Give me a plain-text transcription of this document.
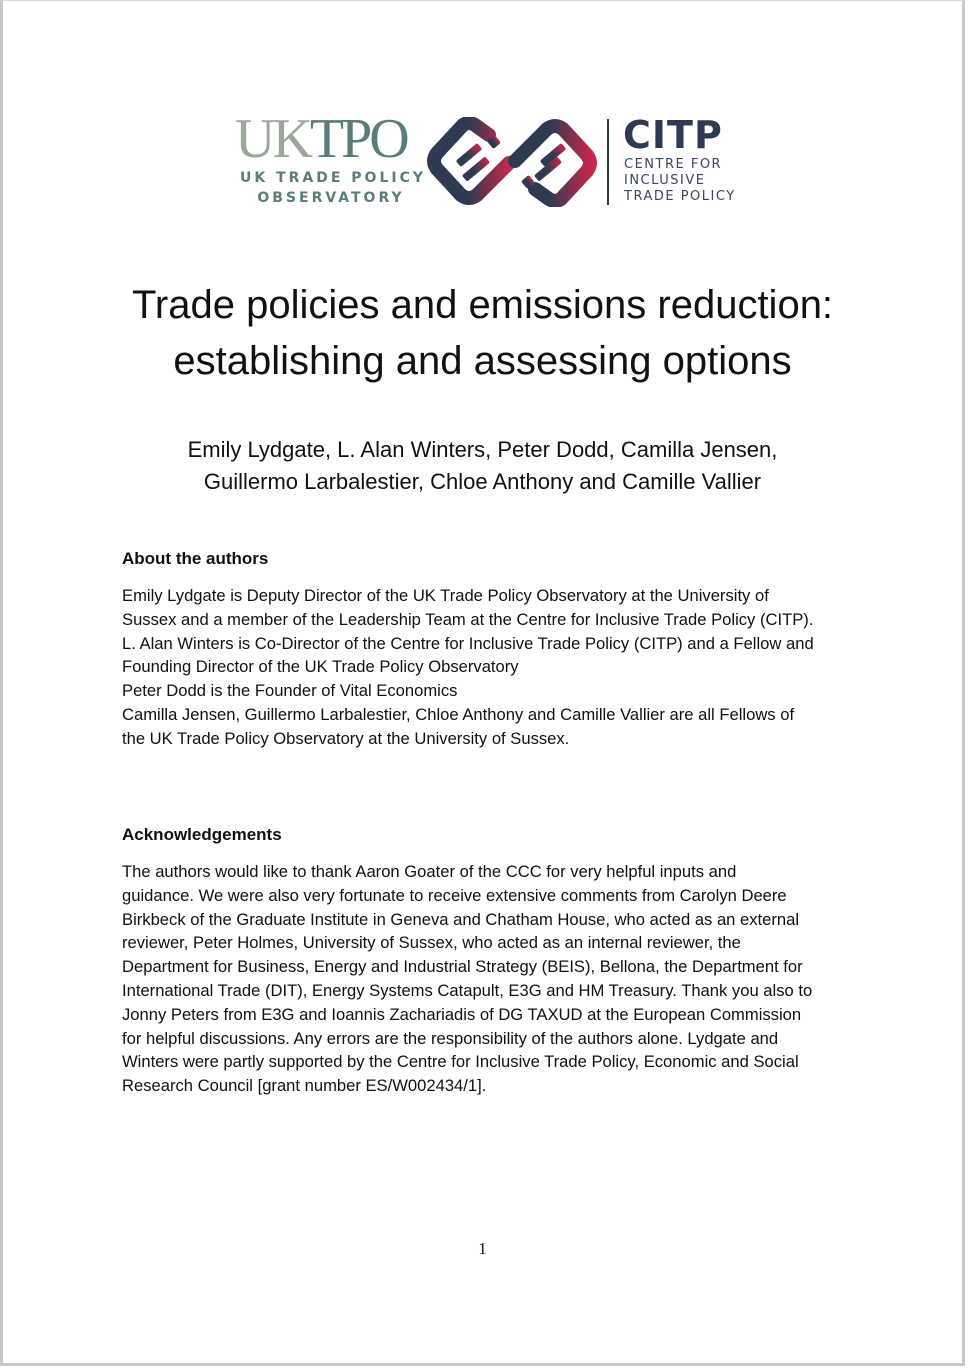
UKTPO
UK TRADE POLICY
OBSERVATORY
CITP
CENTRE FOR
INCLUSIVE
TRADE POLICY
Trade policies and emissions reduction:
establishing and assessing options
Emily Lydgate, L. Alan Winters, Peter Dodd, Camilla Jensen,
Guillermo Larbalestier, Chloe Anthony and Camille Vallier
About the authors
Emily Lydgate is Deputy Director of the UK Trade Policy Observatory at the University of
Sussex and a member of the Leadership Team at the Centre for Inclusive Trade Policy (CITP).
L. Alan Winters is Co-Director of the Centre for Inclusive Trade Policy (CITP) and a Fellow and
Founding Director of the UK Trade Policy Observatory
Peter Dodd is the Founder of Vital Economics
Camilla Jensen, Guillermo Larbalestier, Chloe Anthony and Camille Vallier are all Fellows of
the UK Trade Policy Observatory at the University of Sussex.
Acknowledgements
The authors would like to thank Aaron Goater of the CCC for very helpful inputs and
guidance. We were also very fortunate to receive extensive comments from Carolyn Deere
Birkbeck of the Graduate Institute in Geneva and Chatham House, who acted as an external
reviewer, Peter Holmes, University of Sussex, who acted as an internal reviewer, the
Department for Business, Energy and Industrial Strategy (BEIS), Bellona, the Department for
International Trade (DIT), Energy Systems Catapult, E3G and HM Treasury. Thank you also to
Jonny Peters from E3G and Ioannis Zachariadis of DG TAXUD at the European Commission
for helpful discussions. Any errors are the responsibility of the authors alone. Lydgate and
Winters were partly supported by the Centre for Inclusive Trade Policy, Economic and Social
Research Council [grant number ES/W002434/1].
1
